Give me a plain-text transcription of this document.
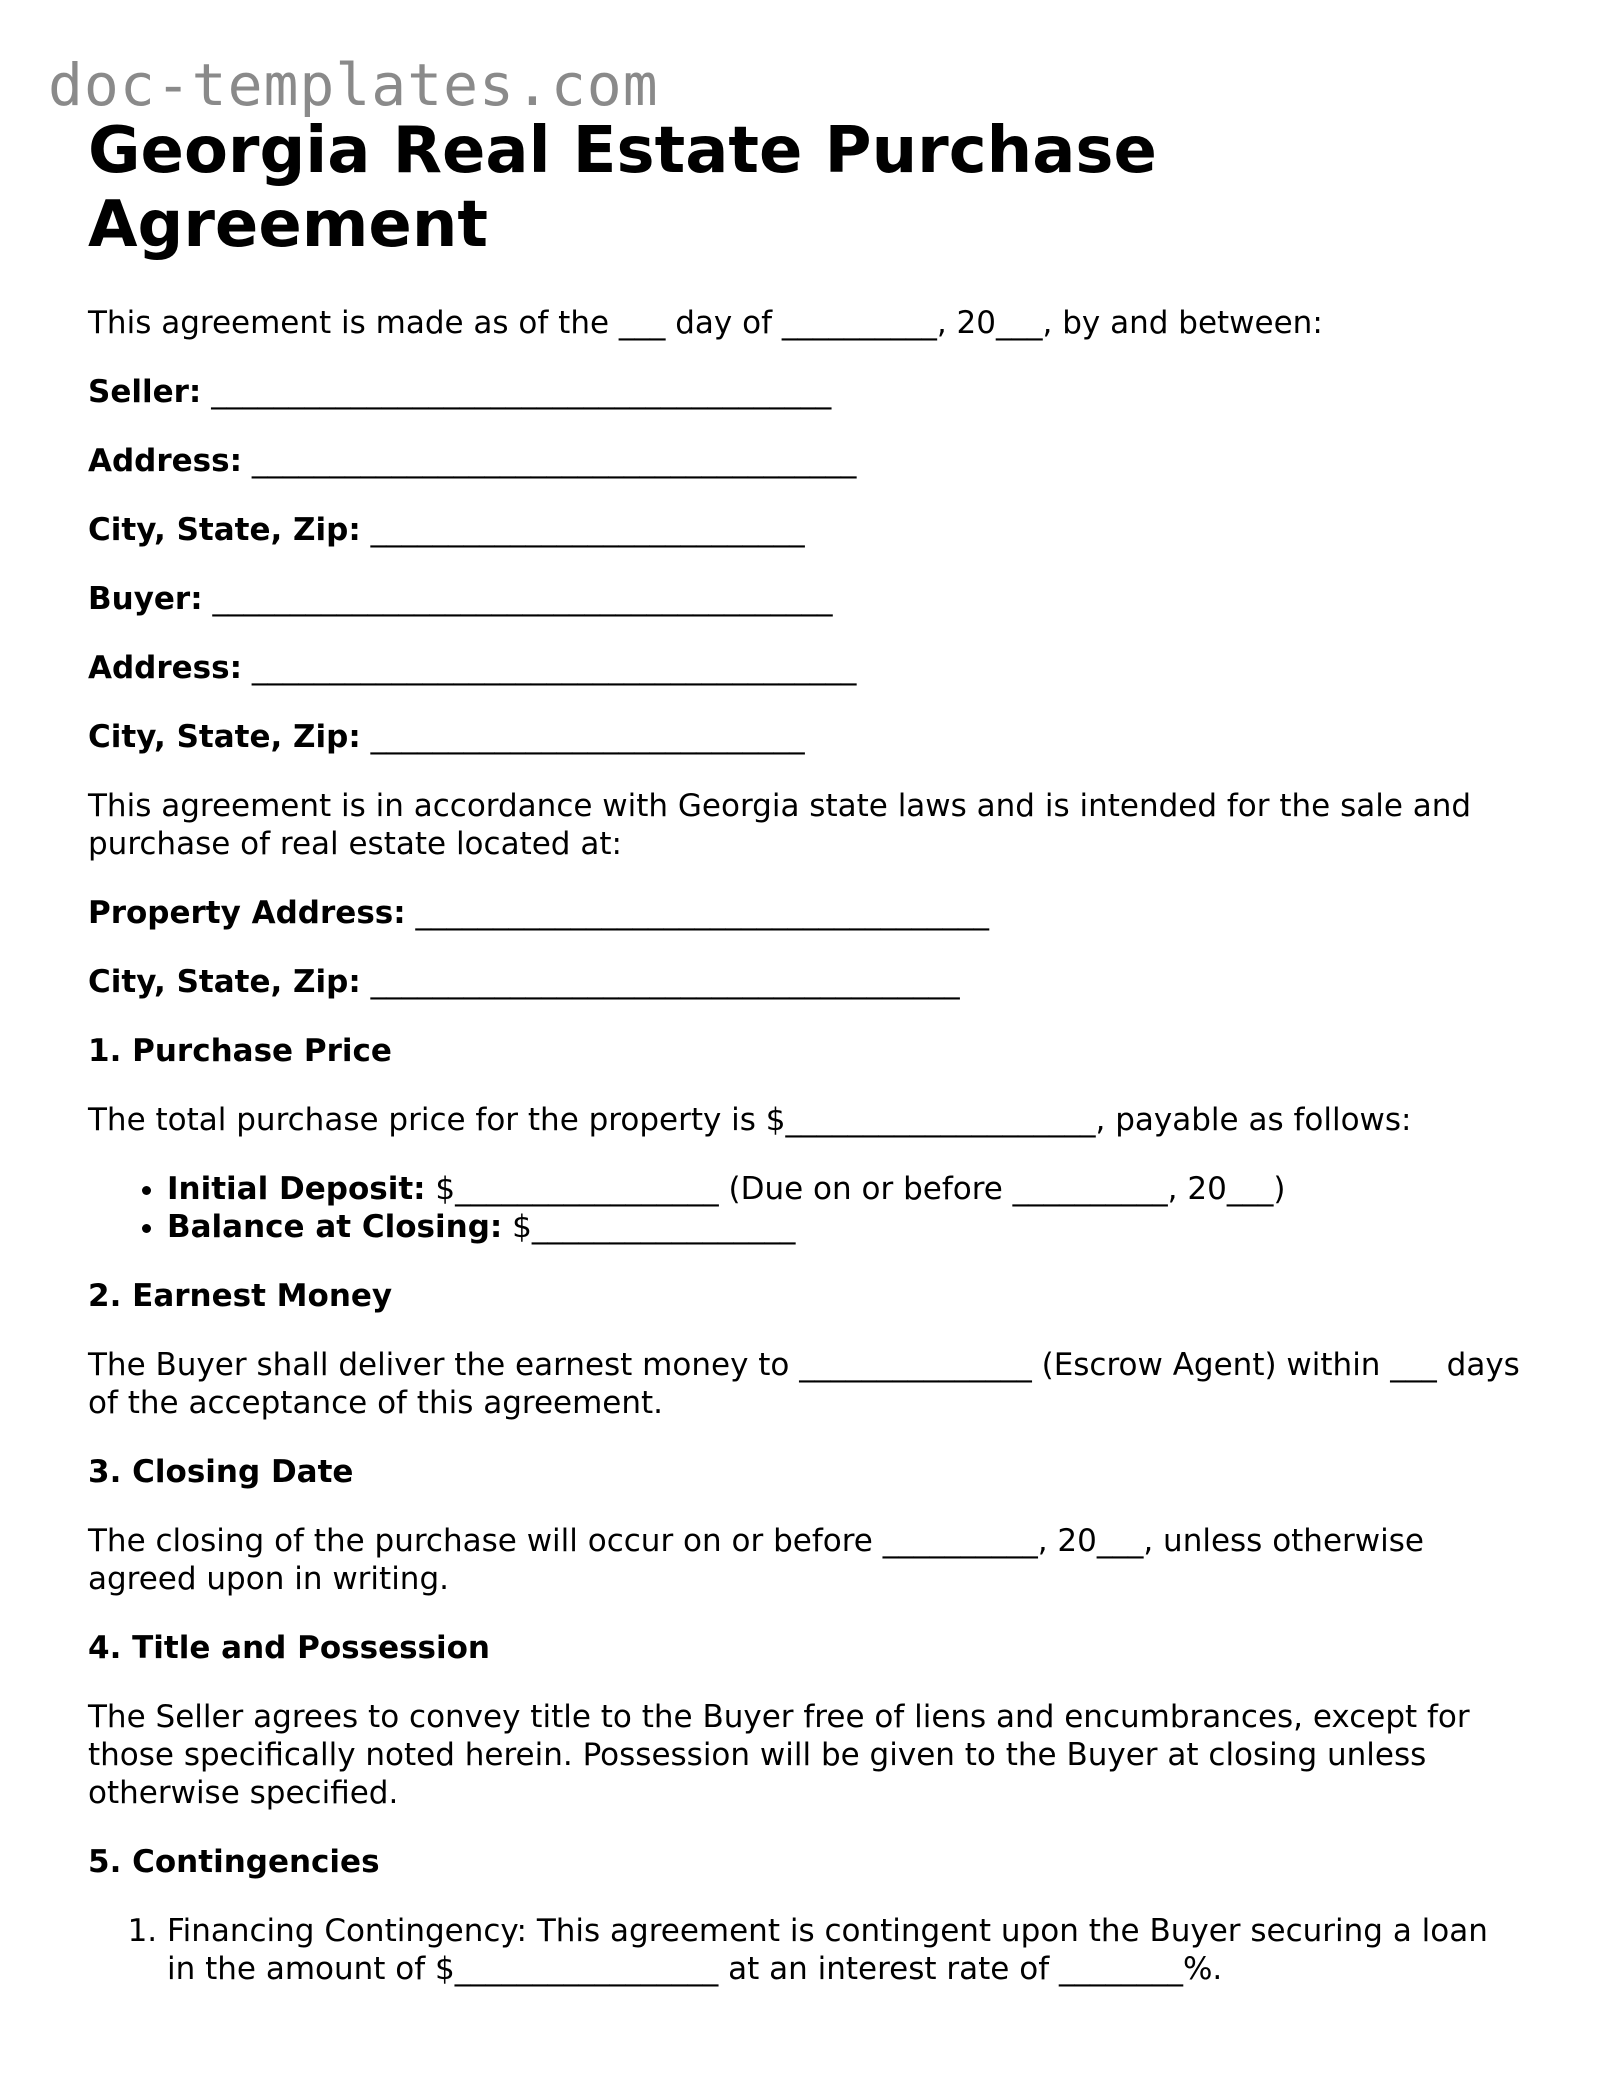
doc-templates.com
Georgia Real Estate Purchase Agreement

This agreement is made as of the ___ day of __________, 20___, by and between:

Seller: ________________________________________
Address: _______________________________________
City, State, Zip: ____________________________
Buyer: ________________________________________
Address: _______________________________________
City, State, Zip: ____________________________

This agreement is in accordance with Georgia state laws and is intended for the sale and purchase of real estate located at:

Property Address: _____________________________________
City, State, Zip: ______________________________________
1. Purchase Price

The total purchase price for the property is $____________________, payable as follows:

• Initial Deposit: $_________________ (Due on or before __________, 20___)
• Balance at Closing: $_________________
2. Earnest Money

The Buyer shall deliver the earnest money to _______________ (Escrow Agent) within ___ days of the acceptance of this agreement.

3. Closing Date

The closing of the purchase will occur on or before __________, 20___, unless otherwise agreed upon in writing.

4. Title and Possession

The Seller agrees to convey title to the Buyer free of liens and encumbrances, except for those specifically noted herein. Possession will be given to the Buyer at closing unless otherwise specified.

5. Contingencies
1. Financing Contingency: This agreement is contingent upon the Buyer securing a loan in the amount of $_________________ at an interest rate of ________%.
